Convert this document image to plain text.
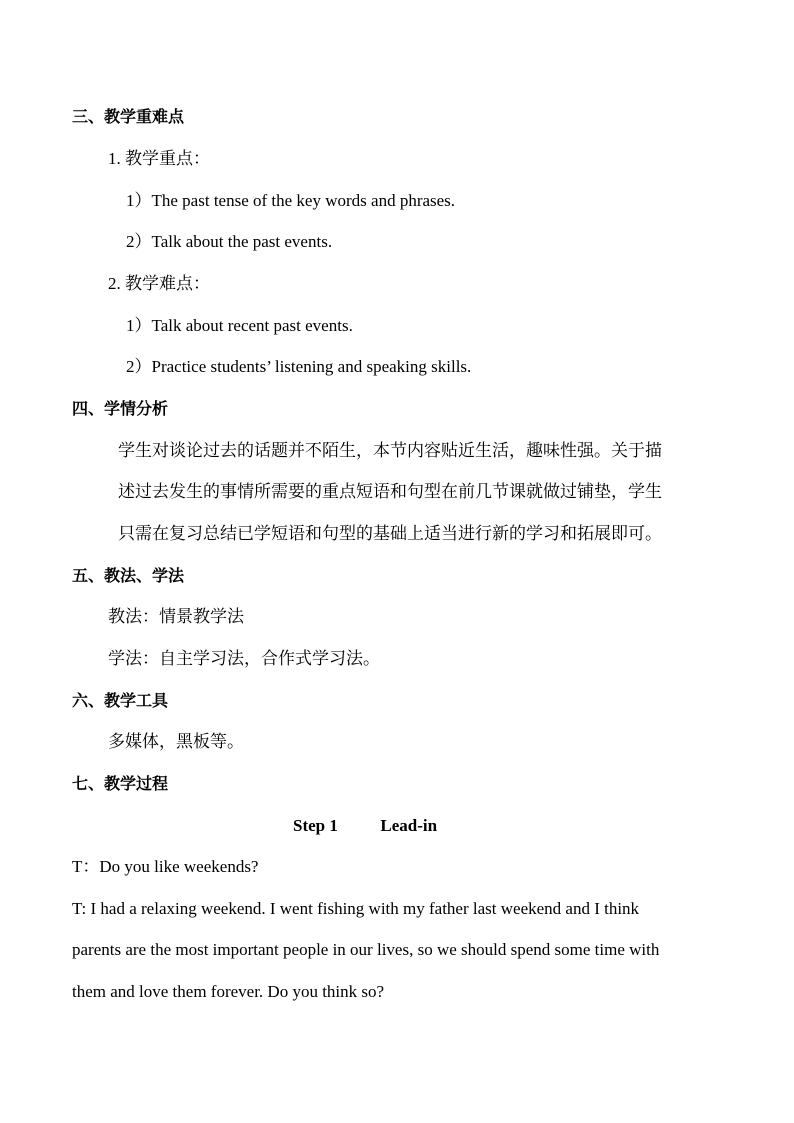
三、教学重难点
1. 教学重点：
1）The past tense of the key words and phrases.
2）Talk about the past events.
2. 教学难点：
1）Talk about recent past events.
2）Practice students’ listening and speaking skills.
四、学情分析
学生对谈论过去的话题并不陌生，本节内容贴近生活，趣味性强。关于描
述过去发生的事情所需要的重点短语和句型在前几节课就做过铺垫，学生
只需在复习总结已学短语和句型的基础上适当进行新的学习和拓展即可。
五、教法、学法
教法：情景教学法
学法：自主学习法，合作式学习法。
六、教学工具
多媒体，黑板等。
七、教学过程
Step 1	Lead-in
T：Do you like weekends?
T: I had a relaxing weekend. I went fishing with my father last weekend and I think
parents are the most important people in our lives, so we should spend some time with
them and love them forever. Do you think so?
